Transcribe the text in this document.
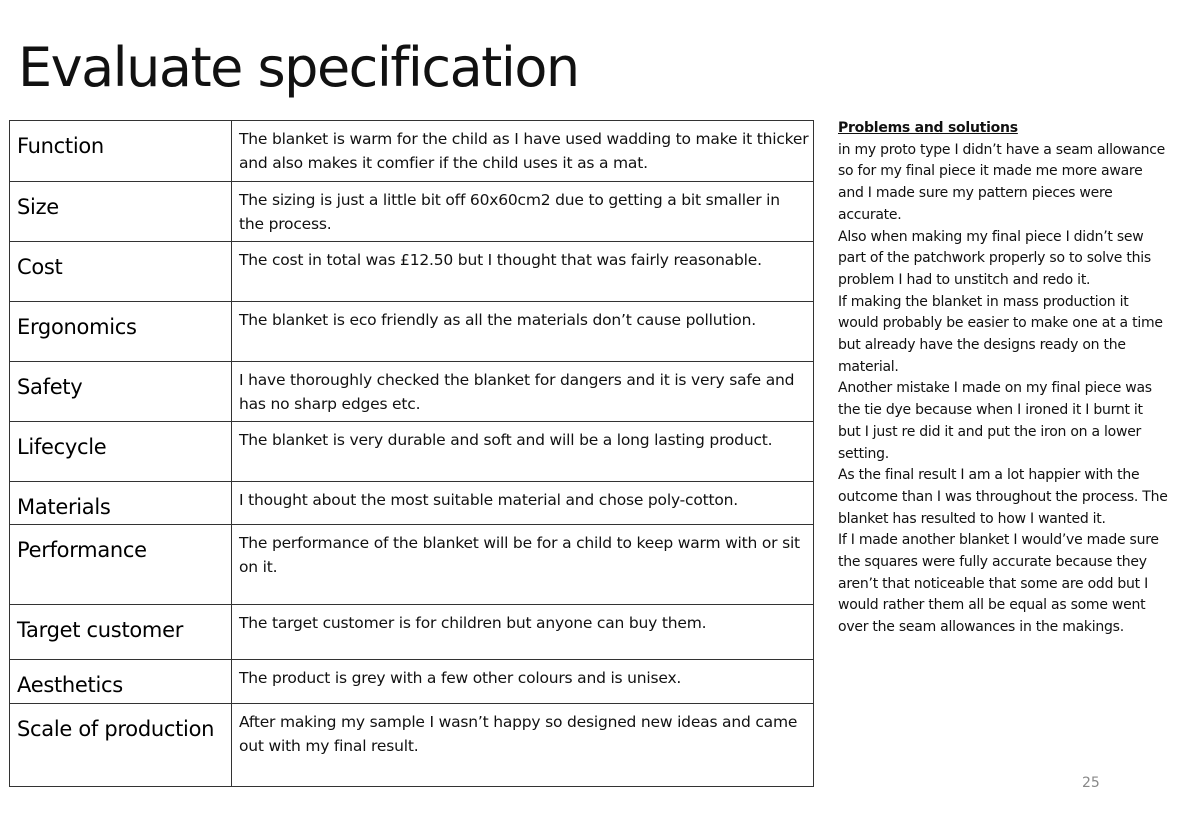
Evaluate specification
Function	The blanket is warm for the child as I have used wadding to make it thicker and also makes it comfier if the child uses it as a mat.
Size	The sizing is just a little bit off 60x60cm2 due to getting a bit smaller in the process.
Cost	The cost in total was £12.50 but I thought that was fairly reasonable.
Ergonomics	The blanket is eco friendly as all the materials don’t cause pollution.
Safety	I have thoroughly checked the blanket for dangers and it is very safe and has no sharp edges etc.
Lifecycle	The blanket is very durable and soft and will be a long lasting product.
Materials	I thought about the most suitable material and chose poly-cotton.
Performance	The performance of the blanket will be for a child to keep warm with or sit on it.
Target customer	The target customer is for children but anyone can buy them.
Aesthetics	The product is grey with a few other colours and is unisex.
Scale of production	After making my sample I wasn’t happy so designed new ideas and came out with my final result.
Problems and solutions
in my proto type I didn’t have a seam allowance so for my final piece it made me more aware and I made sure my pattern pieces were accurate.
Also when making my final piece I didn’t sew part of the patchwork properly so to solve this problem I had to unstitch and redo it.
If making the blanket in mass production it would probably be easier to make one at a time but already have the designs ready on the material.
Another mistake I made on my final piece was the tie dye because when I ironed it I burnt it but I just re did it and put the iron on a lower setting.
As the final result I am a lot happier with the outcome than I was throughout the process. The blanket has resulted to how I wanted it.
If I made another blanket I would’ve made sure the squares were fully accurate because they aren’t that noticeable that some are odd but I would rather them all be equal as some went over the seam allowances in the makings.
25
